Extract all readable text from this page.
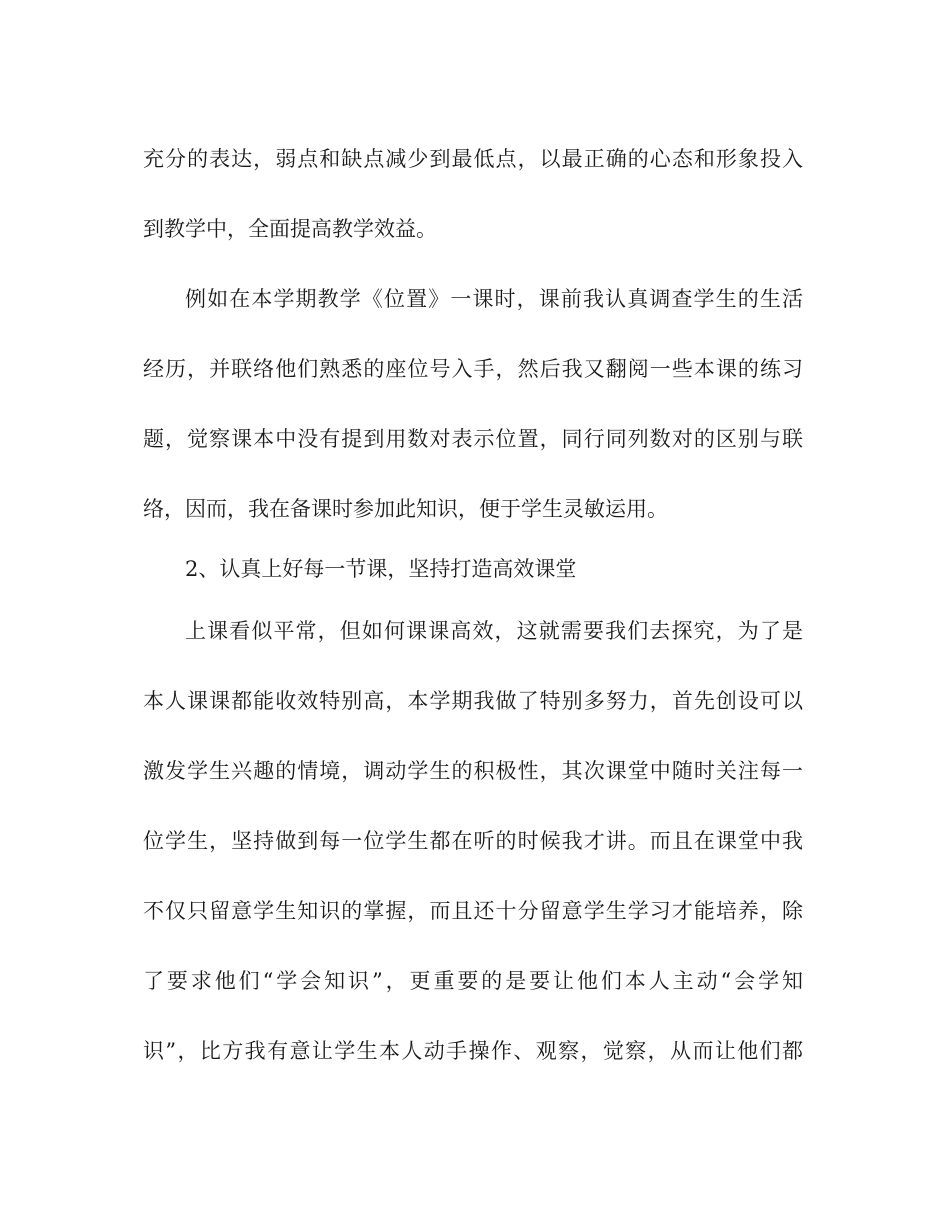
充分的表达，弱点和缺点减少到最低点，以最正确的心态和形象投入
到教学中，全面提高教学效益。
例如在本学期教学《位置》一课时，课前我认真调查学生的生活
经历，并联络他们熟悉的座位号入手，然后我又翻阅一些本课的练习
题，觉察课本中没有提到用数对表示位置，同行同列数对的区别与联
络，因而，我在备课时参加此知识，便于学生灵敏运用。
2、认真上好每一节课，坚持打造高效课堂
上课看似平常，但如何课课高效，这就需要我们去探究，为了是
本人课课都能收效特别高，本学期我做了特别多努力，首先创设可以
激发学生兴趣的情境，调动学生的积极性，其次课堂中随时关注每一
位学生，坚持做到每一位学生都在听的时候我才讲。而且在课堂中我
不仅只留意学生知识的掌握，而且还十分留意学生学习才能培养，除
了要求他们“学会知识”，更重要的是要让他们本人主动“会学知
识”，比方我有意让学生本人动手操作、观察，觉察，从而让他们都
